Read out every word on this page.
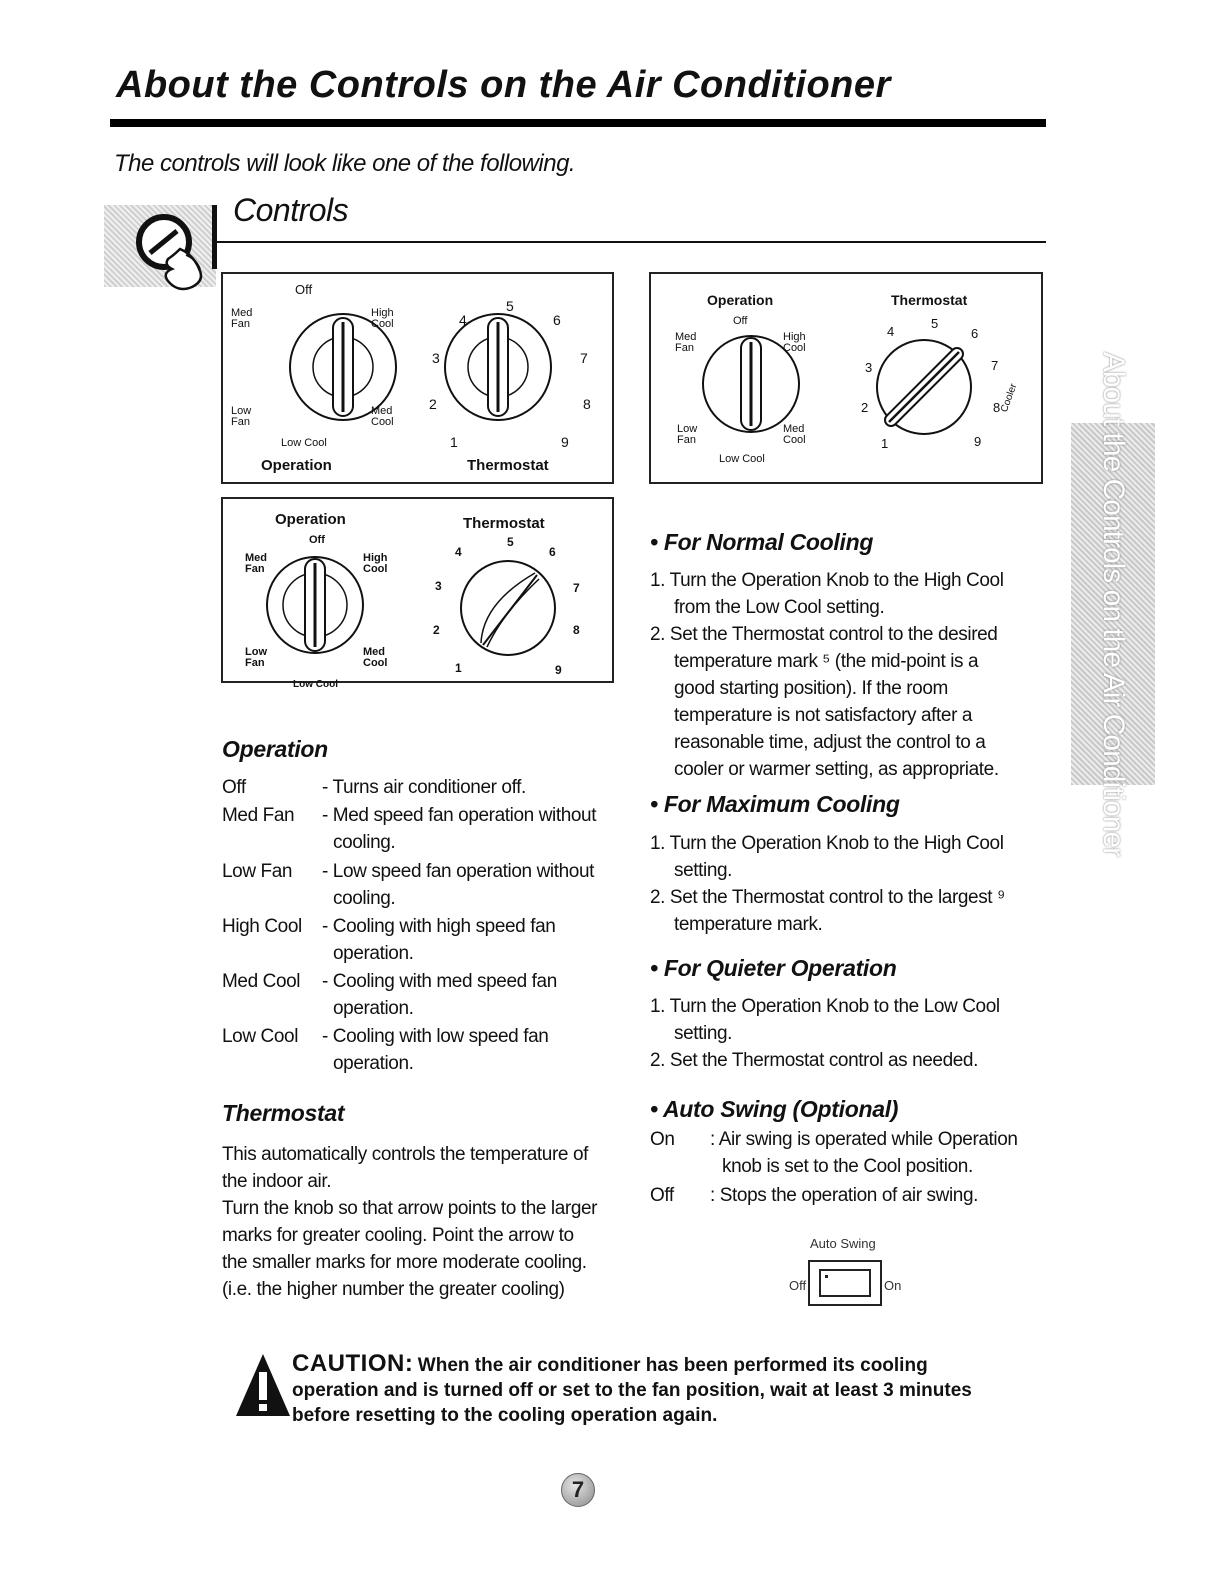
About the Controls on the Air Conditioner
The controls will look like one of the following.
Controls
Off
Med
Fan
High
Cool
Low
Fan
Med
Cool
Low Cool
Operation
1
2
3
4
5
6
7
8
9
Thermostat
Operation	Thermostat
Off
Med
Fan
High
Cool
Low
Fan
Med
Cool
Low Cool
4
5
6
3	7
2	8
1	9
Cooler
Operation	Thermostat
Off
Med
Fan
High
Cool
Low
Fan
Med
Cool
Low Cool
4
5
6
3	7
2	8
1	9	About the Controls on the Air Conditioner
Operation
Off	- Turns air conditioner off.
Med Fan	- Med speed fan operation without
cooling.
Low Fan	- Low speed fan operation without
cooling.
High Cool	- Cooling with high speed fan
operation.
Med Cool	- Cooling with med speed fan
operation.
Low Cool	- Cooling with low speed fan
operation.
Thermostat
This automatically controls the temperature of
the indoor air.
Turn the knob so that arrow points to the larger
marks for greater cooling. Point the arrow to
the smaller marks for more moderate cooling.
(i.e. the higher number the greater cooling)
• For Normal Cooling
1. Turn the Operation Knob to the High Cool
from the Low Cool setting.
2. Set the Thermostat control to the desired
temperature mark ⁵ (the mid-point is a
good starting position). If the room
temperature is not satisfactory after a
reasonable time, adjust the control to a
cooler or warmer setting, as appropriate.
• For Maximum Cooling
1. Turn the Operation Knob to the High Cool
setting.
2. Set the Thermostat control to the largest ⁹
temperature mark.
• For Quieter Operation
1. Turn the Operation Knob to the Low Cool
setting.
2. Set the Thermostat control as needed.
• Auto Swing (Optional)
On : Air swing is operated while Operation
knob is set to the Cool position.
Off : Stops the operation of air swing.
Auto Swing
Off	On
CAUTION: When the air conditioner has been performed its cooling
operation and is turned off or set to the fan position, wait at least 3 minutes
before resetting to the cooling operation again.
7
